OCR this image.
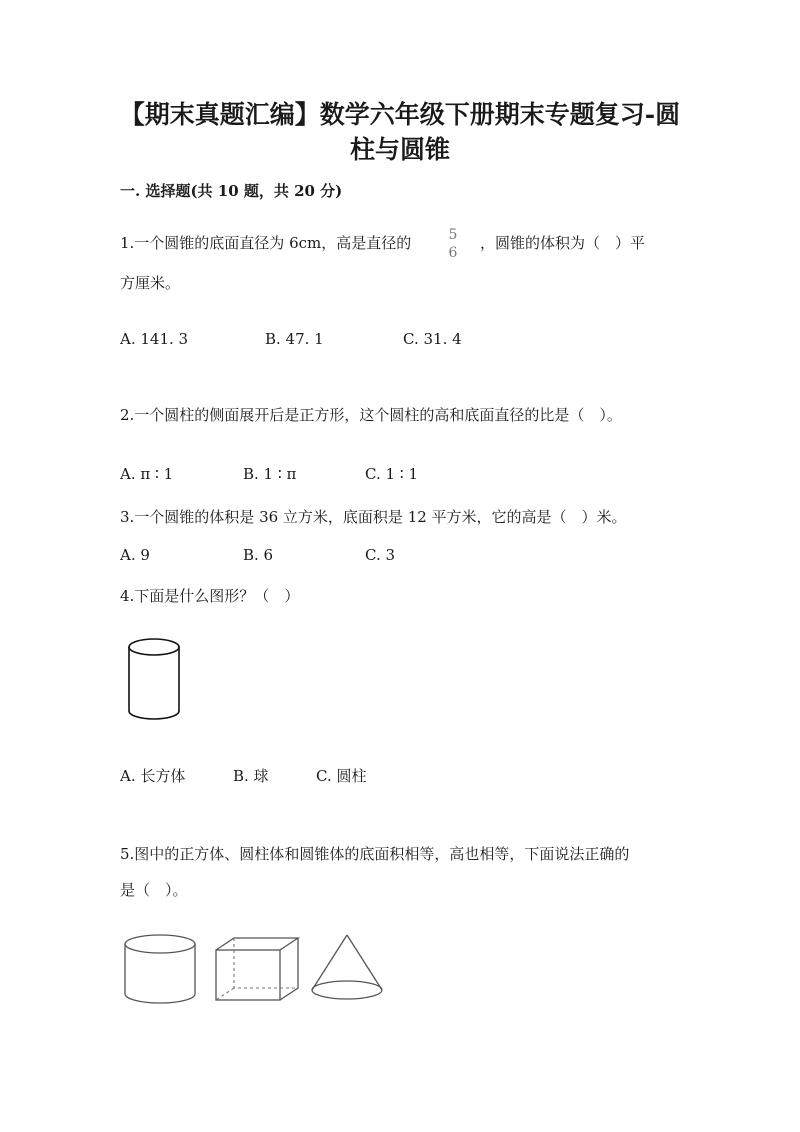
【期末真题汇编】数学六年级下册期末专题复习-圆
柱与圆锥
一. 选择题(共 10 题，共 20 分)
1.一个圆锥的底面直径为 6cm，高是直径的	5
6
，圆锥的体积为（　）平
方厘米。
A. 141. 3	B. 47. 1	C. 31. 4
2.一个圆柱的侧面展开后是正方形，这个圆柱的高和底面直径的比是（　）。
A. π ∶ 1	B. 1 ∶ π	C. 1 ∶ 1
3.一个圆锥的体积是 36 立方米，底面积是 12 平方米，它的高是（　）米。
A. 9	B. 6	C. 3
4.下面是什么图形？（　）
A. 长方体	B. 球	C. 圆柱
5.图中的正方体、圆柱体和圆锥体的底面积相等，高也相等，下面说法正确的
是（　）。
